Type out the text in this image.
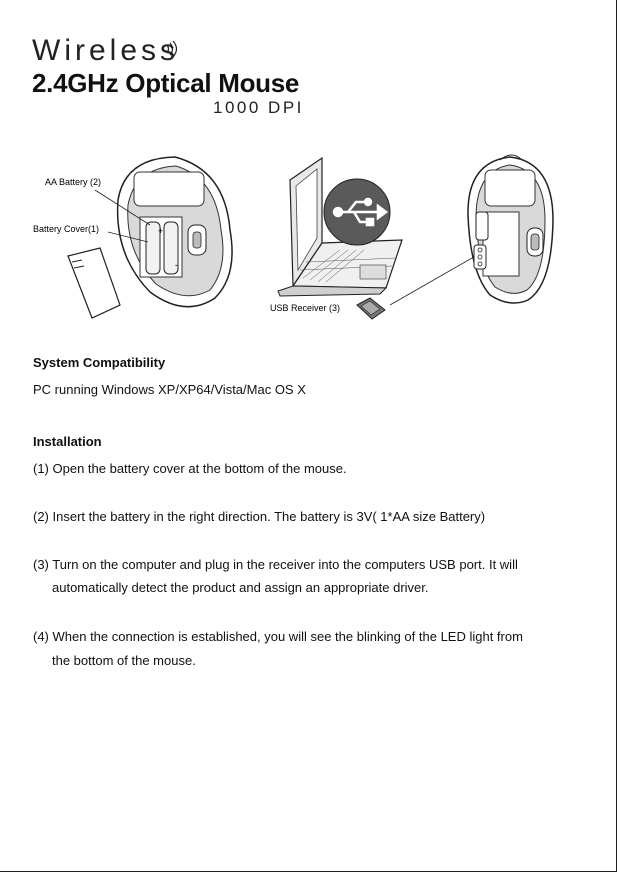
Wireless
2.4GHz Optical Mouse
1000 DPI
+
-
AA Battery (2)
Battery Cover(1)
USB Receiver (3)
System Compatibility
PC running Windows XP/XP64/Vista/Mac OS X
Installation
(1) Open the battery cover at the bottom of the mouse.
(2) Insert the battery in the right direction. The battery is 3V( 1*AA size Battery)
(3) Turn on the computer and plug in the receiver into the computers USB port. It will
automatically detect the product and assign an appropriate driver.
(4) When the connection is established, you will see the blinking of the LED light from
the bottom of the mouse.
